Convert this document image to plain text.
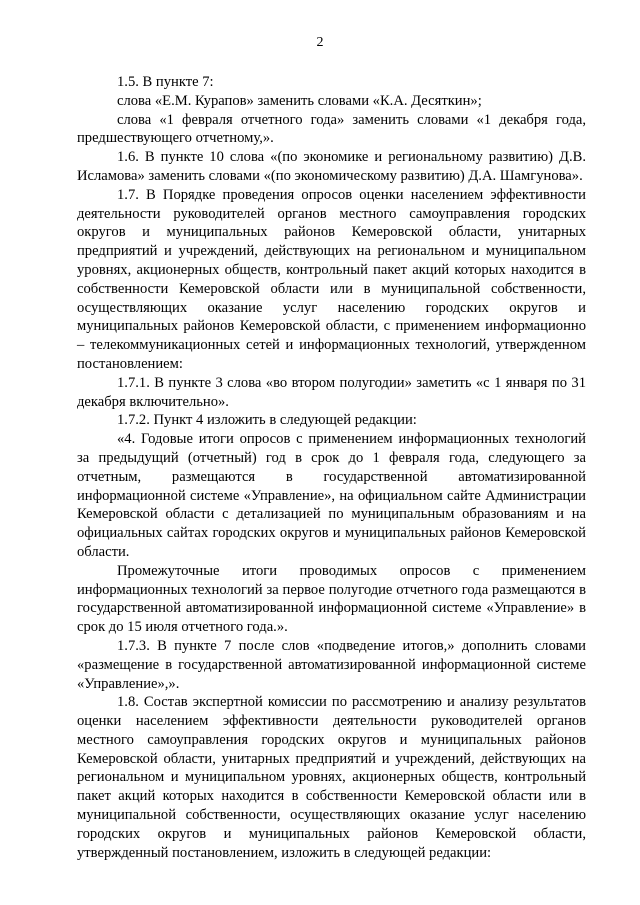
2

1.5. В пункте 7:

слова «Е.М. Курапов» заменить словами «К.А. Десяткин»;

слова «1 февраля отчетного года» заменить словами «1 декабря года, предшествующего отчетному,».

1.6. В пункте 10 слова «(по экономике и региональному развитию) Д.В. Исламова» заменить словами «(по экономическому развитию) Д.А. Шамгунова».

1.7. В Порядке проведения опросов оценки населением эффективности деятельности руководителей органов местного самоуправления городских округов и муниципальных районов Кемеровской области, унитарных предприятий и учреждений, действующих на региональном и муниципальном уровнях, акционерных обществ, контрольный пакет акций которых находится в собственности Кемеровской области или в муниципальной собственности, осуществляющих оказание услуг населению городских округов и муниципальных районов Кемеровской области, с применением информационно – телекоммуникационных сетей и информационных технологий, утвержденном постановлением:

1.7.1. В пункте 3 слова «во втором полугодии» заметить «с 1 января по 31 декабря включительно».

1.7.2. Пункт 4 изложить в следующей редакции:

«4. Годовые итоги опросов с применением информационных технологий за предыдущий (отчетный) год в срок до 1 февраля года, следующего за отчетным, размещаются в государственной автоматизированной информационной системе «Управление», на официальном сайте Администрации Кемеровской области с детализацией по муниципальным образованиям и на официальных сайтах городских округов и муниципальных районов Кемеровской области.

Промежуточные итоги проводимых опросов с применением информационных технологий за первое полугодие отчетного года размещаются в государственной автоматизированной информационной системе «Управление» в срок до 15 июля отчетного года.».

1.7.3. В пункте 7 после слов «подведение итогов,» дополнить словами «размещение в государственной автоматизированной информационной системе «Управление»,».

1.8. Состав экспертной комиссии по рассмотрению и анализу результатов оценки населением эффективности деятельности руководителей органов местного самоуправления городских округов и муниципальных районов Кемеровской области, унитарных предприятий и учреждений, действующих на региональном и муниципальном уровнях, акционерных обществ, контрольный пакет акций которых находится в собственности Кемеровской области или в муниципальной собственности, осуществляющих оказание услуг населению городских округов и муниципальных районов Кемеровской области, утвержденный постановлением, изложить в следующей редакции:
